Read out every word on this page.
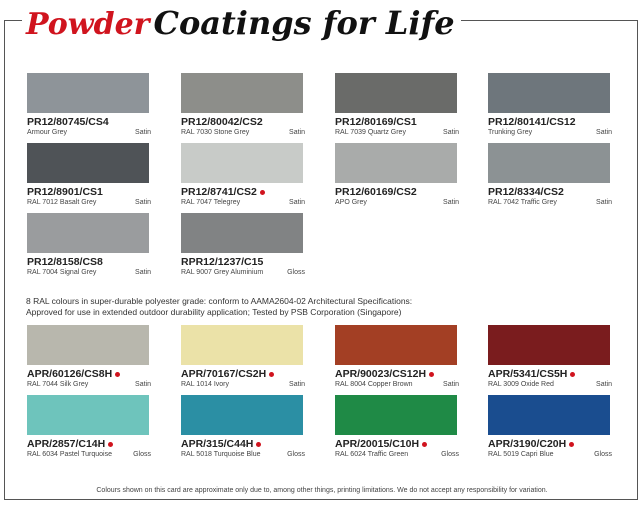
Powder Coatings for Life
PR12/80745/CS4
Armour Grey	Satin
PR12/80042/CS2
RAL 7030 Stone Grey	Satin
PR12/80169/CS1
RAL 7039 Quartz Grey	Satin
PR12/80141/CS12
Trunking Grey	Satin
PR12/8901/CS1
RAL 7012 Basalt Grey	Satin
PR12/8741/CS2
RAL 7047 Telegrey	Satin
PR12/60169/CS2
APO Grey	Satin
PR12/8334/CS2
RAL 7042 Traffic Grey	Satin
PR12/8158/CS8
RAL 7004 Signal Grey	Satin
RPR12/1237/C15
RAL 9007 Grey Aluminium	Gloss
APR/60126/CS8H
RAL 7044 Silk Grey	Satin
APR/70167/CS2H
RAL 1014 Ivory	Satin
APR/90023/CS12H
RAL 8004 Copper Brown	Satin
APR/5341/CS5H
RAL 3009 Oxide Red	Satin
APR/2857/C14H
RAL 6034 Pastel Turquoise	Gloss
APR/315/C44H
RAL 5018 Turquoise Blue	Gloss
APR/20015/C10H
RAL 6024 Traffic Green	Gloss
APR/3190/C20H
RAL 5019 Capri Blue	Gloss
8 RAL colours in super-durable polyester grade: conform to AAMA2604-02 Architectural Specifications:
Approved for use in extended outdoor durability application; Tested by PSB Corporation (Singapore)
Colours shown on this card are approximate only due to, among other things, printing limitations. We do not accept any responsibility for variation.
